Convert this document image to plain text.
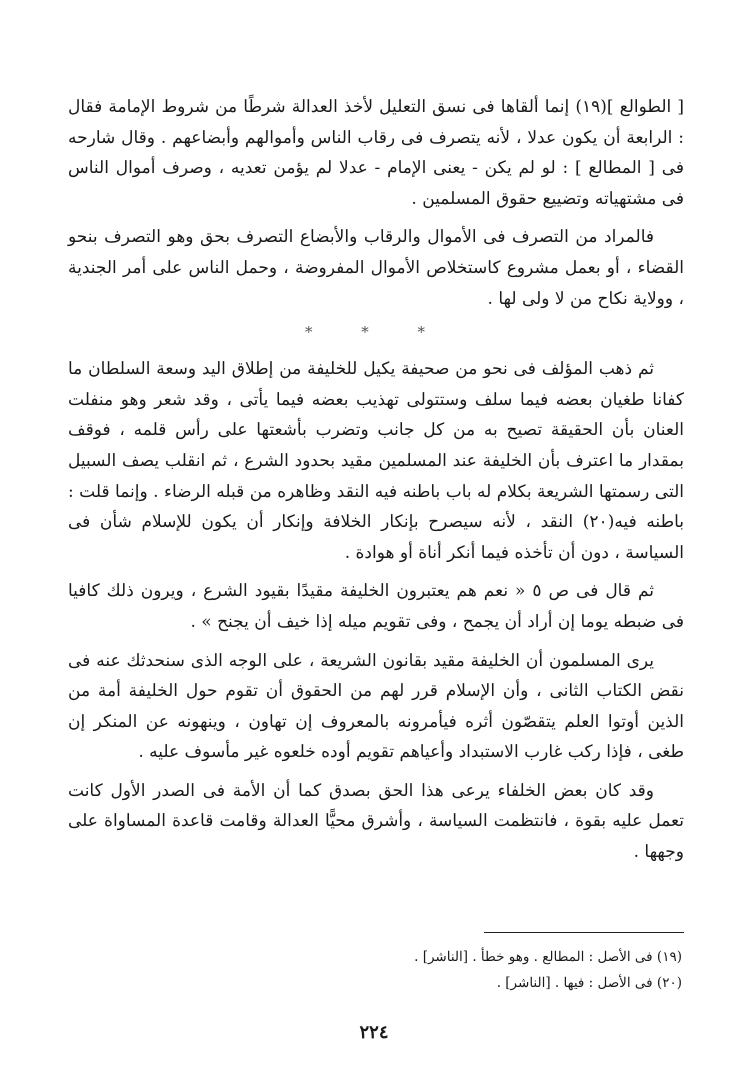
[ الطوالع ](١٩) إنما ألقاها فى نسق التعليل لأخذ العدالة شرطًا من شروط الإمامة فقال : الرابعة أن يكون عدلا ، لأنه يتصرف فى رقاب الناس وأموالهم وأبضاعهم . وقال شارحه فى [ المطالع ] : لو لم يكن - يعنى الإمام - عدلا لم يؤمن تعديه ، وصرف أموال الناس فى مشتهياته وتضييع حقوق المسلمين .

فالمراد من التصرف فى الأموال والرقاب والأبضاع التصرف بحق وهو التصرف بنحو القضاء ، أو بعمل مشروع كاستخلاص الأموال المفروضة ، وحمل الناس على أمر الجندية ، وولاية نكاح من لا ولى لها .

* * *

ثم ذهب المؤلف فى نحو من صحيفة يكيل للخليفة من إطلاق اليد وسعة السلطان ما كفانا طغيان بعضه فيما سلف وستتولى تهذيب بعضه فيما يأتى ، وقد شعر وهو منفلت العنان بأن الحقيقة تصيح به من كل جانب وتضرب بأشعتها على رأس قلمه ، فوقف بمقدار ما اعترف بأن الخليفة عند المسلمين مقيد بحدود الشرع ، ثم انقلب يصف السبيل التى رسمتها الشريعة بكلام له باب باطنه فيه النقد وظاهره من قبله الرضاء . وإنما قلت : باطنه فيه(٢٠) النقد ، لأنه سيصرح بإنكار الخلافة وإنكار أن يكون للإسلام شأن فى السياسة ، دون أن تأخذه فيما أنكر أناة أو هوادة .

ثم قال فى ص ٥ « نعم هم يعتبرون الخليفة مقيدًا بقيود الشرع ، ويرون ذلك كافيا فى ضبطه يوما إن أراد أن يجمح ، وفى تقويم ميله إذا خيف أن يجنح » .

يرى المسلمون أن الخليفة مقيد بقانون الشريعة ، على الوجه الذى سنحدثك عنه فى نقض الكتاب الثانى ، وأن الإسلام قرر لهم من الحقوق أن تقوم حول الخليفة أمة من الذين أوتوا العلم يتقصّون أثره فيأمرونه بالمعروف إن تهاون ، وينهونه عن المنكر إن طغى ، فإذا ركب غارب الاستبداد وأعياهم تقويم أوده خلعوه غير مأسوف عليه .

وقد كان بعض الخلفاء يرعى هذا الحق بصدق كما أن الأمة فى الصدر الأول كانت تعمل عليه بقوة ، فانتظمت السياسة ، وأشرق محيًّا العدالة وقامت قاعدة المساواة على وجهها .

(١٩) فى الأصل : المطالع . وهو خطأ . [الناشر] .

(٢٠) فى الأصل : فيها . [الناشر] .

٢٢٤
